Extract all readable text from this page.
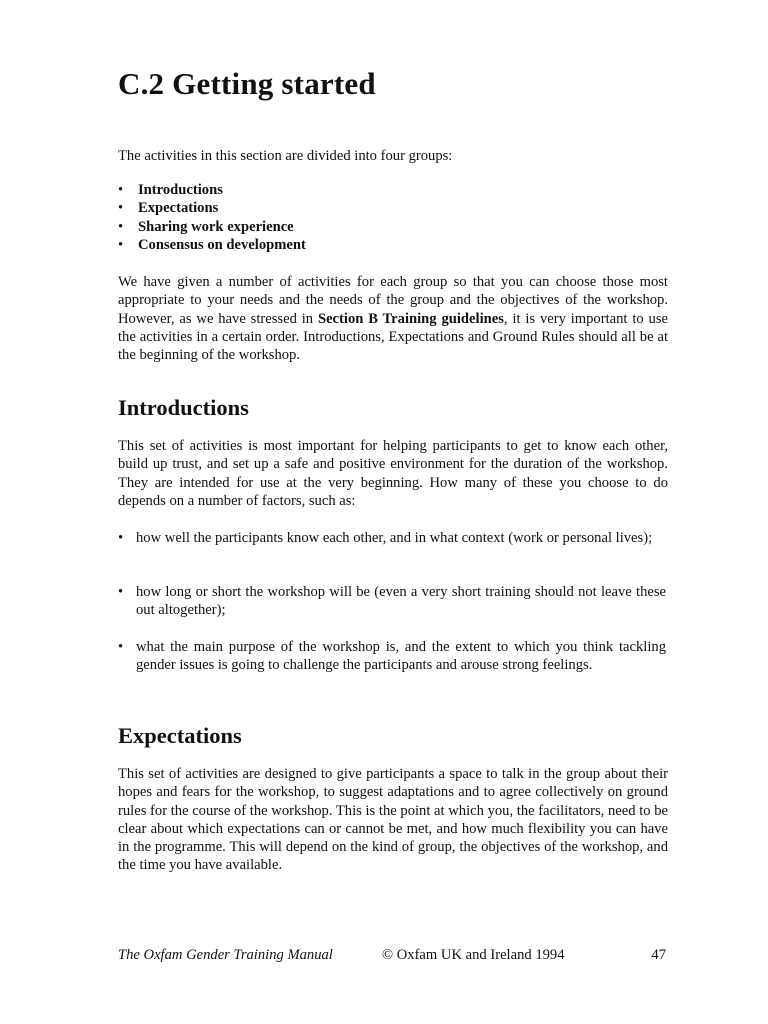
C.2 Getting started

The activities in this section are divided into four groups:

• Introductions
• Expectations
• Sharing work experience
• Consensus on development

We have given a number of activities for each group so that you can choose those most appropriate to your needs and the needs of the group and the objectives of the workshop. However, as we have stressed in Section B Training guidelines, it is very important to use the activities in a certain order. Introductions, Expectations and Ground Rules should all be at the beginning of the workshop.

Introductions

This set of activities is most important for helping participants to get to know each other, build up trust, and set up a safe and positive environment for the duration of the workshop. They are intended for use at the very beginning. How many of these you choose to do depends on a number of factors, such as:

• how well the participants know each other, and in what context (work or personal lives);

• how long or short the workshop will be (even a very short training should not leave these out altogether);

• what the main purpose of the workshop is, and the extent to which you think tackling gender issues is going to challenge the participants and arouse strong feelings.

Expectations

This set of activities are designed to give participants a space to talk in the group about their hopes and fears for the workshop, to suggest adaptations and to agree collectively on ground rules for the course of the workshop. This is the point at which you, the facilitators, need to be clear about which expectations can or cannot be met, and how much flexibility you can have in the programme. This will depend on the kind of group, the objectives of the workshop, and the time you have available.

The Oxfam Gender Training Manual	© Oxfam UK and Ireland 1994	47
